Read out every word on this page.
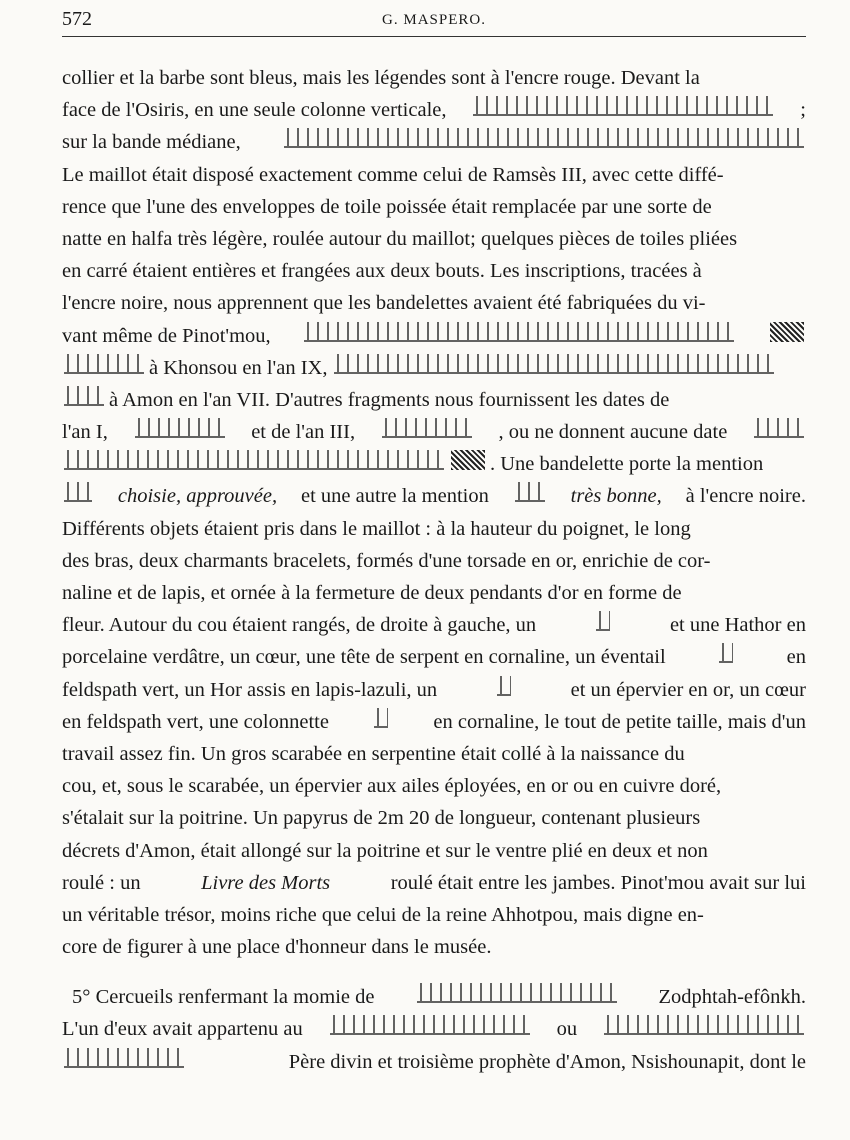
572	G. MASPERO.
collier et la barbe sont bleus, mais les légendes sont à l'encre rouge. Devant la
face de l'Osiris, en une seule colonne verticale,	;
sur la bande médiane,
Le maillot était disposé exactement comme celui de Ramsès III, avec cette diffé-
rence que l'une des enveloppes de toile poissée était remplacée par une sorte de
natte en halfa très légère, roulée autour du maillot; quelques pièces de toiles pliées
en carré étaient entières et frangées aux deux bouts. Les inscriptions, tracées à
l'encre noire, nous apprennent que les bandelettes avaient été fabriquées du vi-
vant même de Pinot'mou,
à Khonsou en l'an IX,
à Amon en l'an VII. D'autres fragments nous fournissent les dates de
l'an I,	et de l'an III,	, ou ne donnent aucune date
. Une bandelette porte la mention
choisie, approuvée, et une autre la mention	très bonne, à l'encre noire.
Différents objets étaient pris dans le maillot : à la hauteur du poignet, le long
des bras, deux charmants bracelets, formés d'une torsade en or, enrichie de cor-
naline et de lapis, et ornée à la fermeture de deux pendants d'or en forme de
fleur. Autour du cou étaient rangés, de droite à gauche, un	et une Hathor en
porcelaine verdâtre, un cœur, une tête de serpent en cornaline, un éventail	en
feldspath vert, un Hor assis en lapis-lazuli, un	et un épervier en or, un cœur
en feldspath vert, une colonnette	en cornaline, le tout de petite taille, mais d'un
travail assez fin. Un gros scarabée en serpentine était collé à la naissance du
cou, et, sous le scarabée, un épervier aux ailes éployées, en or ou en cuivre doré,
s'étalait sur la poitrine. Un papyrus de 2m 20 de longueur, contenant plusieurs
décrets d'Amon, était allongé sur la poitrine et sur le ventre plié en deux et non
roulé : un	Livre des Morts	roulé était entre les jambes. Pinot'mou avait sur lui
un véritable trésor, moins riche que celui de la reine Ahhotpou, mais digne en-
core de figurer à une place d'honneur dans le musée.
5° Cercueils renfermant la momie de	Zodphtah-efônkh.
L'un d'eux avait appartenu au	ou
Père divin et troisième prophète d'Amon, Nsishounapit, dont le
